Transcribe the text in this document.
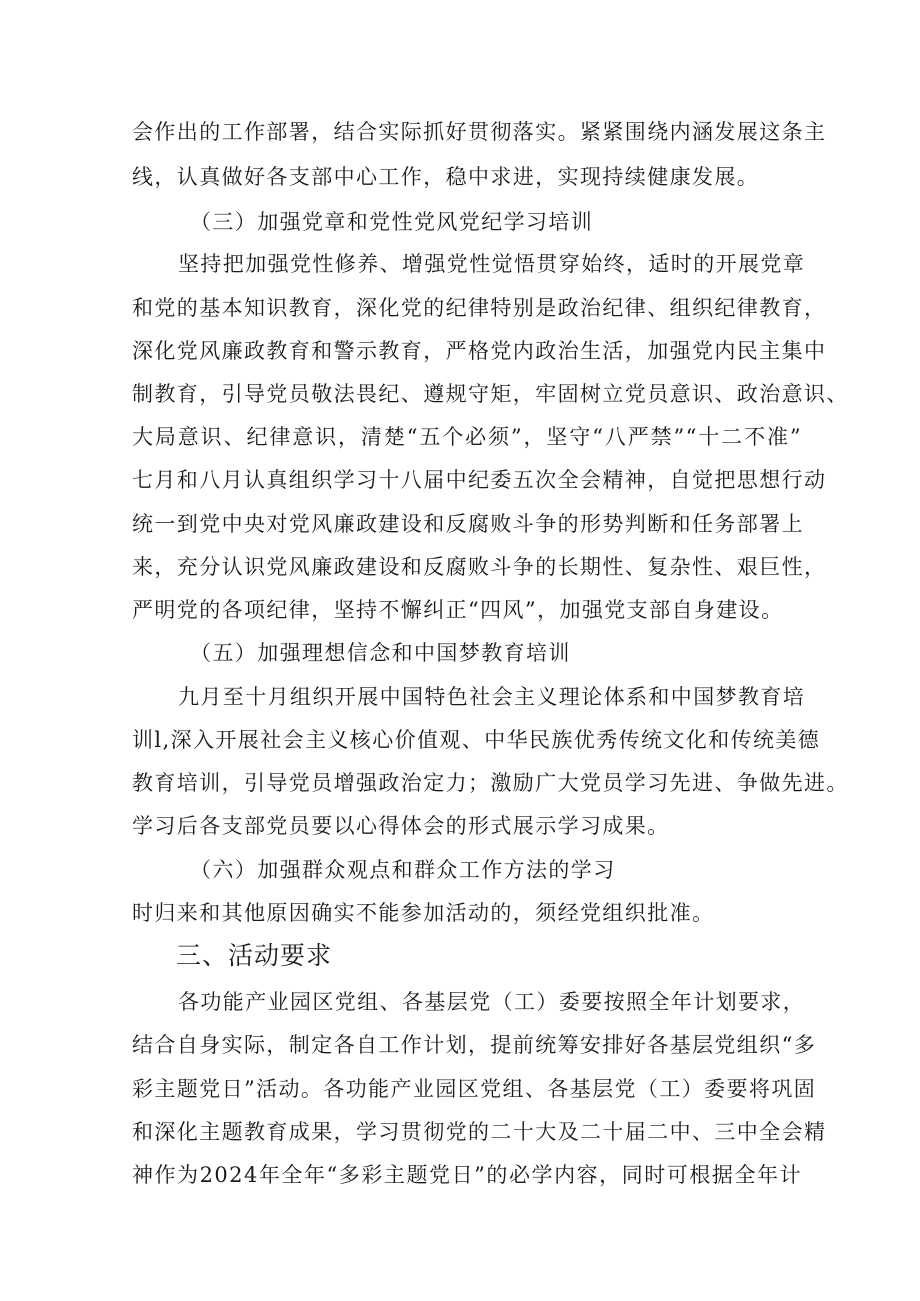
会作出的工作部署，结合实际抓好贯彻落实。紧紧围绕内涵发展这条主
线，认真做好各支部中心工作，稳中求进，实现持续健康发展。
（三）加强党章和党性党风党纪学习培训
坚持把加强党性修养、增强党性觉悟贯穿始终，适时的开展党章
和党的基本知识教育，深化党的纪律特别是政治纪律、组织纪律教育，
深化党风廉政教育和警示教育，严格党内政治生活，加强党内民主集中
制教育，引导党员敬法畏纪、遵规守矩，牢固树立党员意识、政治意识、
大局意识、纪律意识，清楚“五个必须”，坚守“八严禁”“十二不准”
七月和八月认真组织学习十八届中纪委五次全会精神，自觉把思想行动
统一到党中央对党风廉政建设和反腐败斗争的形势判断和任务部署上
来，充分认识党风廉政建设和反腐败斗争的长期性、复杂性、艰巨性，
严明党的各项纪律，坚持不懈纠正“四风”，加强党支部自身建设。
（五）加强理想信念和中国梦教育培训
九月至十月组织开展中国特色社会主义理论体系和中国梦教育培
训l,深入开展社会主义核心价值观、中华民族优秀传统文化和传统美德
教育培训，引导党员增强政治定力；激励广大党员学习先进、争做先进。
学习后各支部党员要以心得体会的形式展示学习成果。
（六）加强群众观点和群众工作方法的学习
时归来和其他原因确实不能参加活动的，须经党组织批准。
三、活动要求
各功能产业园区党组、各基层党（工）委要按照全年计划要求，
结合自身实际，制定各自工作计划，提前统筹安排好各基层党组织“多
彩主题党日”活动。各功能产业园区党组、各基层党（工）委要将巩固
和深化主题教育成果，学习贯彻党的二十大及二十届二中、三中全会精
神作为2024年全年“多彩主题党日”的必学内容，同时可根据全年计
